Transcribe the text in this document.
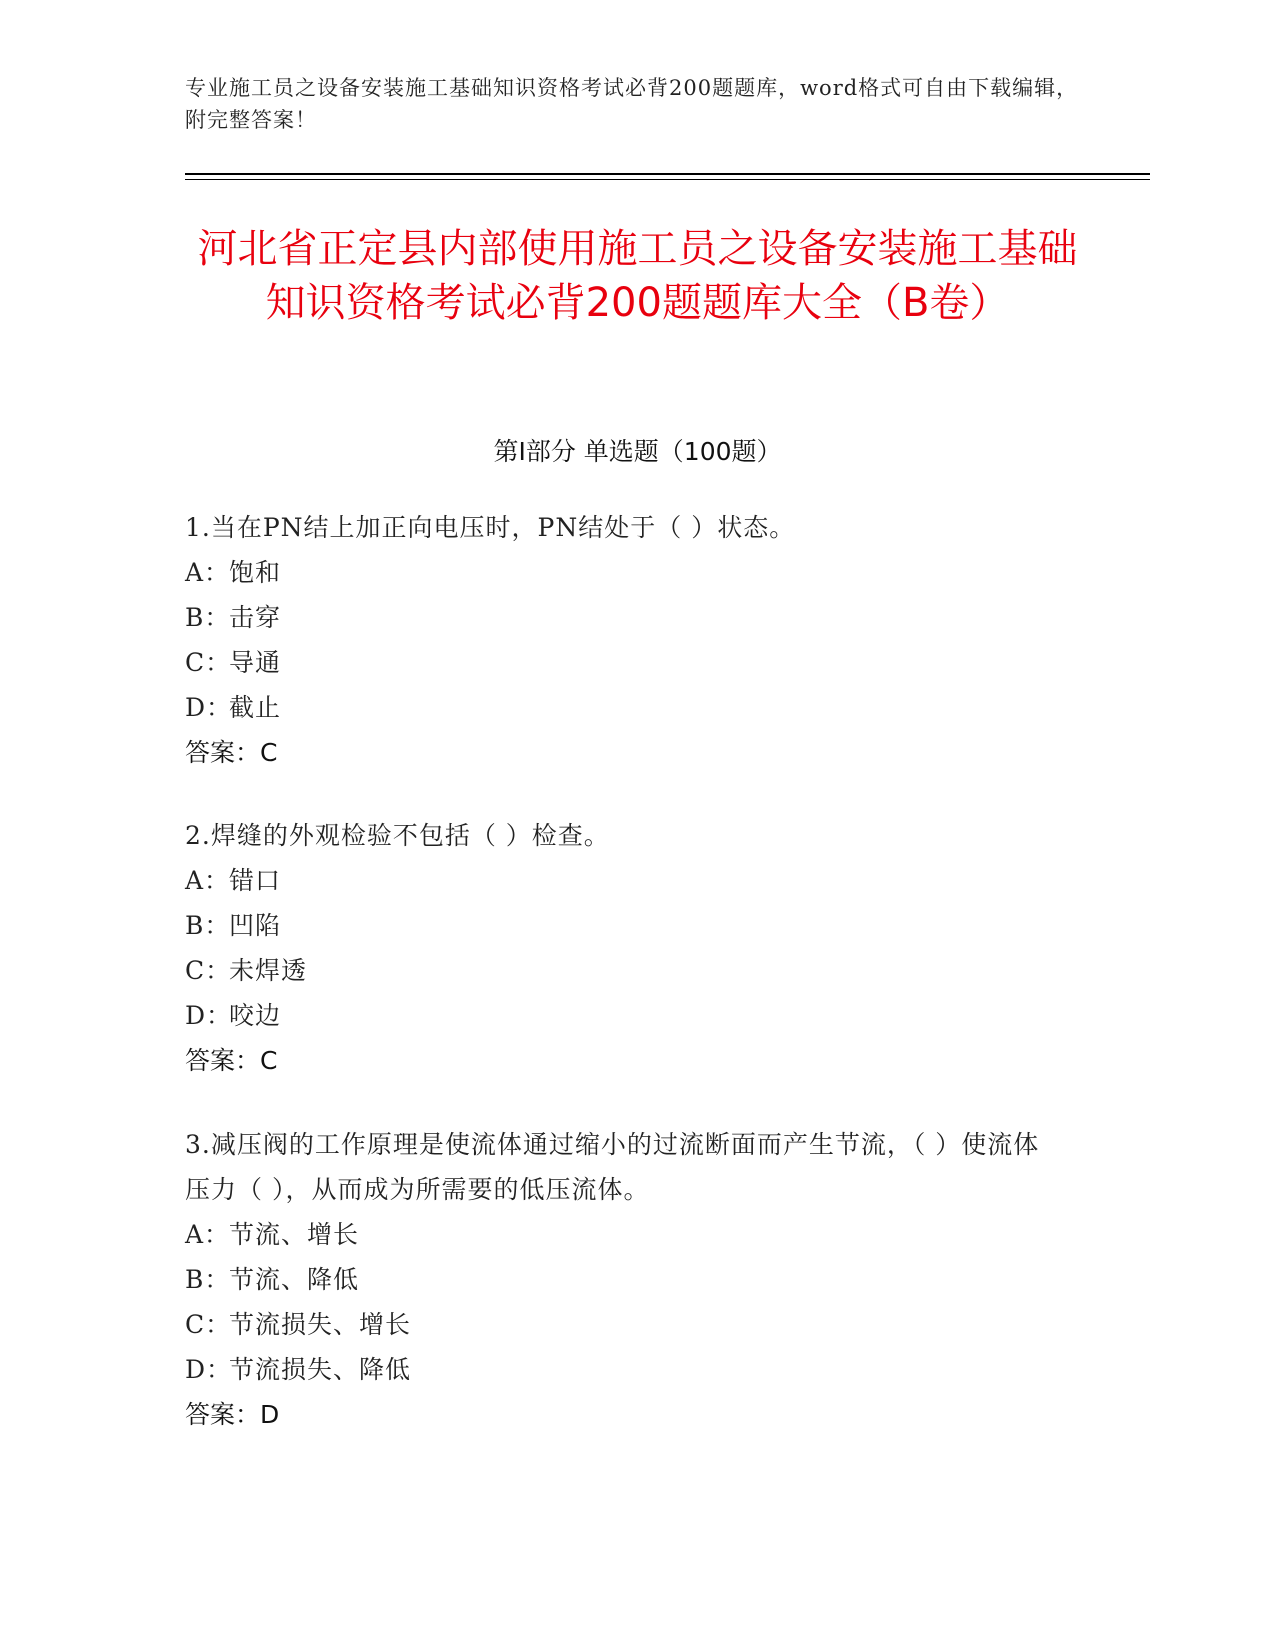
专业施工员之设备安装施工基础知识资格考试必背200题题库，word格式可自由下载编辑，附完整答案！
河北省正定县内部使用施工员之设备安装施工基础知识资格考试必背200题题库大全（B卷）
第Ⅰ部分 单选题（100题）
1.当在PN结上加正向电压时，PN结处于（ ）状态。
A：饱和
B：击穿
C：导通
D：截止
答案：C
2.焊缝的外观检验不包括（ ）检查。
A：错口
B：凹陷
C：未焊透
D：咬边
答案：C
3.减压阀的工作原理是使流体通过缩小的过流断面而产生节流，（ ）使流体压力（ ），从而成为所需要的低压流体。
A：节流、增长
B：节流、降低
C：节流损失、增长
D：节流损失、降低
答案：D
